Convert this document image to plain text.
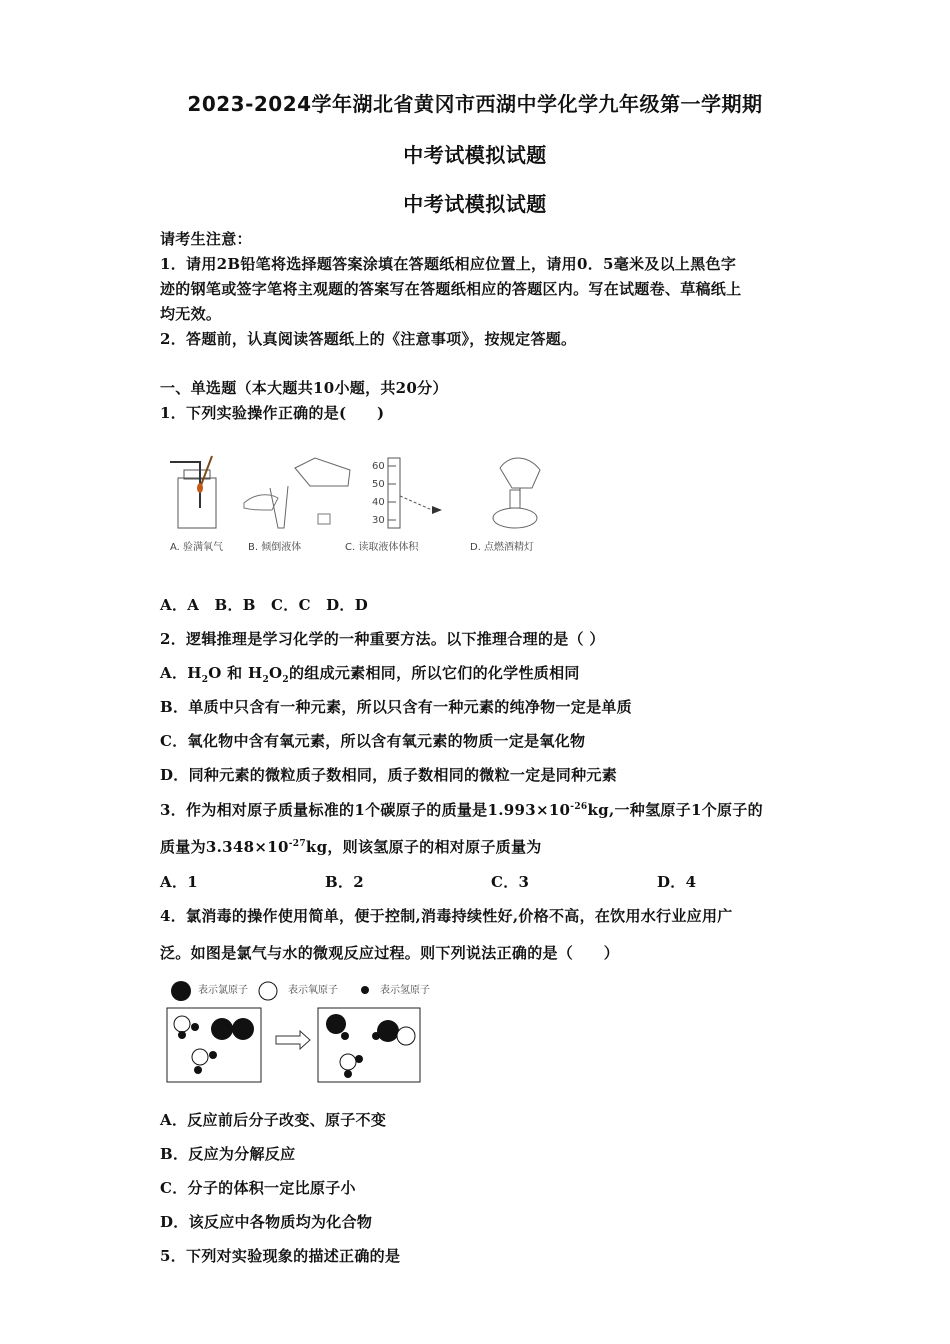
2023-2024学年湖北省黄冈市西湖中学化学九年级第一学期期
中考试模拟试题
中考试模拟试题
请考生注意：
1．请用2B铅笔将选择题答案涂填在答题纸相应位置上，请用0．5毫米及以上黑色字
迹的钢笔或签字笔将主观题的答案写在答题纸相应的答题区内。写在试题卷、草稿纸上
均无效。
2．答题前，认真阅读答题纸上的《注意事项》，按规定答题。
一、单选题（本大题共10小题，共20分）
1．下列实验操作正确的是(　　)
60
50
40
30
A. 验满氧气 B. 倾倒液体	C. 读取液体体积	D. 点燃酒精灯
A．A　B．B　C．C　D．D
2．逻辑推理是学习化学的一种重要方法。以下推理合理的是（ ）
A．$H_2O$ 和 $H_2O_2$的组成元素相同，所以它们的化学性质相同
B．单质中只含有一种元素，所以只含有一种元素的纯净物一定是单质
C．氧化物中含有氧元素，所以含有氧元素的物质一定是氧化物
D．同种元素的微粒质子数相同，质子数相同的微粒一定是同种元素
3．作为相对原子质量标准的1个碳原子的质量是$1.993\times 10^{-26}kg$,一种氢原子1个原子的
质量为$3.348\times 10^{-27}kg$，则该氢原子的相对原子质量为
A．1	B．2	C．3	D．4
4．氯消毒的操作使用简单，便于控制,消毒持续性好,价格不高，在饮用水行业应用广
泛。如图是氯气与水的微观反应过程。则下列说法正确的是（　　）
表示氯原子	表示氧原子	表示氢原子
A．反应前后分子改变、原子不变
B．反应为分解反应
C．分子的体积一定比原子小
D．该反应中各物质均为化合物
5．下列对实验现象的描述正确的是
